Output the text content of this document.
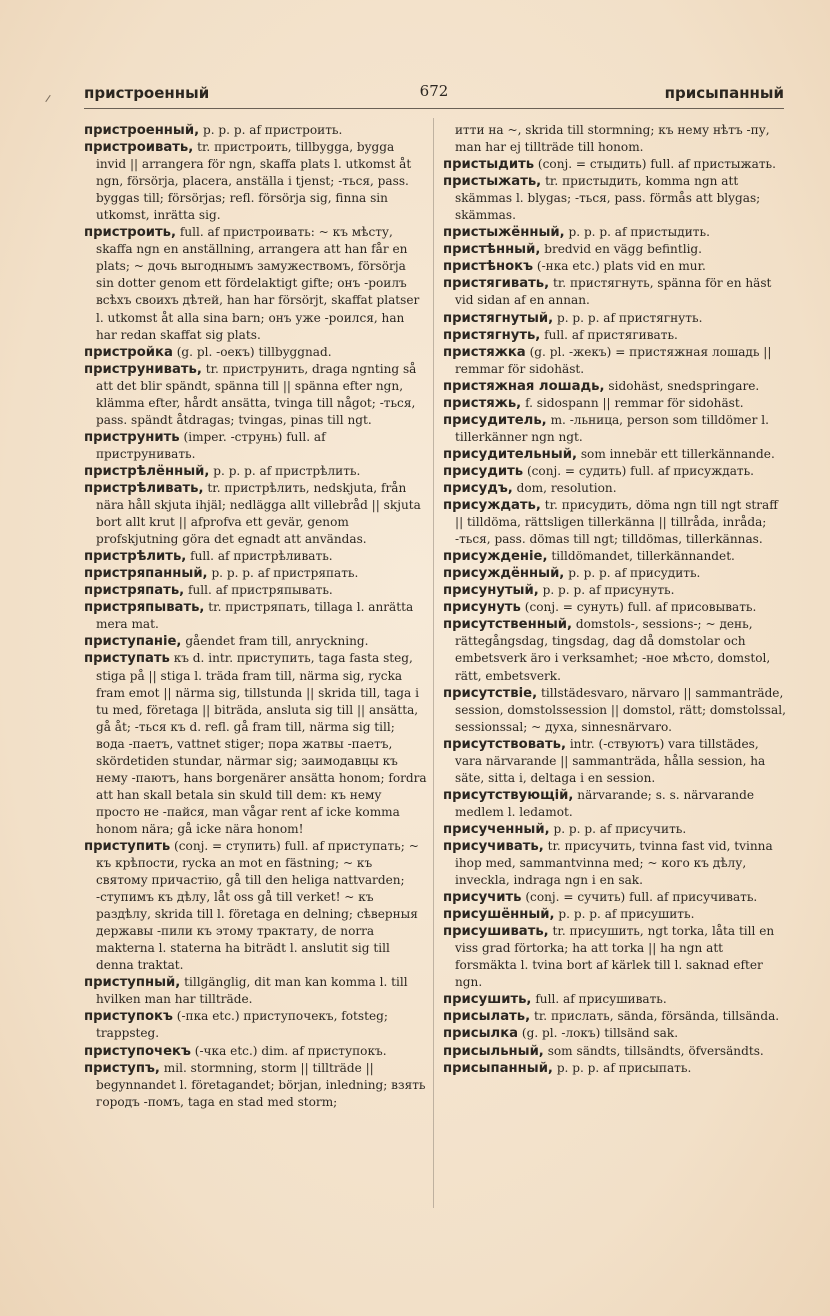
пристроенный	672	присыпанный

пристроенный, p. p. p. af пристроить.

пристроивать, tr. пристроить, tillbygga, bygga invid || arrangera för ngn, skaffa plats l. utkomst åt ngn, försörja, placera, anställa i tjenst; -ться, pass. byggas till; försörjas; refl. försörja sig, finna sin utkomst, inrätta sig.

пристроить, full. af пристроивать: ~ къ мѣсту, skaffa ngn en anställning, arrangera att han får en plats; ~ дочь выгоднымъ замужествомъ, försörja sin dotter genom ett fördelaktigt gifte; онъ -роилъ всѣхъ своихъ дѣтей, han har försörjt, skaffat platser l. utkomst åt alla sina barn; онъ уже -роился, han har redan skaffat sig plats.

пристройка (g. pl. -оекъ) tillbyggnad.

приструнивать, tr. приструнить, draga ngnting så att det blir spändt, spänna till || spänna efter ngn, klämma efter, hårdt ansätta, tvinga till något; -ться, pass. spändt åtdragas; tvingas, pinas till ngt.

приструнить (imper. -струнь) full. af приструнивать.

пристрѣлённый, p. p. p. af пристрѣлить.

пристрѣливать, tr. пристрѣлить, nedskjuta, från nära håll skjuta ihjäl; nedlägga allt villebråd || skjuta bort allt krut || afprofva ett gevär, genom profskjutning göra det egnadt att användas.

пристрѣлить, full. af пристрѣливать.

пристряпанный, p. p. p. af пристряпать.

пристряпать, full. af пристряпывать.

пристряпывать, tr. пристряпать, tillaga l. anrätta mera mat.

приступаніе, gåendet fram till, anryckning.

приступать къ d. intr. приступить, taga fasta steg, stiga på || stiga l. träda fram till, närma sig, rycka fram emot || närma sig, tillstunda || skrida till, taga i tu med, företaga || biträda, ansluta sig till || ansätta, gå åt; -ться къ d. refl. gå fram till, närma sig till; вода -паетъ, vattnet stiger; пора жатвы -паетъ, skördetiden stundar, närmar sig; заимодавцы къ нему -паютъ, hans borgenärer ansätta honom; fordra att han skall betala sin skuld till dem: къ нему просто не -пайся, man vågar rent af icke komma honom nära; gå icke nära honom!

приступить (conj. = ступить) full. af приступать; ~ къ крѣпости, rycka an mot en fästning; ~ къ святому причастію, gå till den heliga nattvarden; -ступимъ къ дѣлу, låt oss gå till verket! ~ къ раздѣлу, skrida till l. företaga en delning; сѣверныя державы -пили къ этому трактату, de norra makterna l. staterna ha biträdt l. anslutit sig till denna traktat.

приступный, tillgänglig, dit man kan komma l. till hvilken man har tillträde.

приступокъ (-пка etc.) приступочекъ, fotsteg; trappsteg.

приступочекъ (-чка etc.) dim. af приступокъ.

приступъ, mil. stormning, storm || tillträde || begynnandet l. företagandet; början, inledning; взять городъ -помъ, taga en stad med storm;

итти на ~, skrida till stormning; къ нему нѣтъ -пу, man har ej tillträde till honom.

пристыдить (conj. = стыдить) full. af пристыжать.

пристыжать, tr. пристыдить, komma ngn att skämmas l. blygas; -ться, pass. förmås att blygas; skämmas.

пристыжённый, p. p. p. af пристыдить.

пристѣнный, bredvid en vägg befintlig.

пристѣнокъ (-нка etc.) plats vid en mur.

пристягивать, tr. пристягнуть, spänna för en häst vid sidan af en annan.

пристягнутый, p. p. p. af пристягнуть.

пристягнуть, full. af пристягивать.

пристяжка (g. pl. -жекъ) = пристяжная лошадь || remmar för sidohäst.

пристяжная лошадь, sidohäst, snedspringare.

пристяжь, f. sidospann || remmar för sidohäst.

присудитель, m. -льница, person som tilldömer l. tillerkänner ngn ngt.

присудительный, som innebär ett tillerkännande.

присудить (conj. = судить) full. af присуждать.

присудъ, dom, resolution.

присуждать, tr. присудить, döma ngn till ngt straff || tilldöma, rättsligen tillerkänna || tillråda, inråda; -ться, pass. dömas till ngt; tilldömas, tillerkännas.

присужденіе, tilldömandet, tillerkännandet.

присуждённый, p. p. p. af присудить.

присунутый, p. p. p. af присунуть.

присунуть (conj. = сунуть) full. af присовывать.

присутственный, domstols-, sessions-; ~ день, rättegångsdag, tingsdag, dag då domstolar och embetsverk äro i verksamhet; -ное мѣсто, domstol, rätt, embetsverk.

присутствіе, tillstädesvaro, närvaro || sammanträde, session, domstolssession || domstol, rätt; domstolssal, sessionssal; ~ духа, sinnesnärvaro.

присутствовать, intr. (-ствуютъ) vara tillstädes, vara närvarande || sammanträda, hålla session, ha säte, sitta i, deltaga i en session.

присутствующій, närvarande; s. s. närvarande medlem l. ledamot.

присученный, p. p. p. af присучить.

присучивать, tr. присучить, tvinna fast vid, tvinna ihop med, sammantvinna med; ~ кого къ дѣлу, inveckla, indraga ngn i en sak.

присучить (conj. = сучить) full. af присучивать.

присушённый, p. p. p. af присушить.

присушивать, tr. присушить, ngt torka, låta till en viss grad förtorka; ha att torka || ha ngn att forsmäkta l. tvina bort af kärlek till l. saknad efter ngn.

присушить, full. af присушивать.

присылать, tr. прислать, sända, försända, tillsända.

присылка (g. pl. -локъ) tillsänd sak.

присыльный, som sändts, tillsändts, öfversändts.

присыпанный, p. p. p. af присыпать.
